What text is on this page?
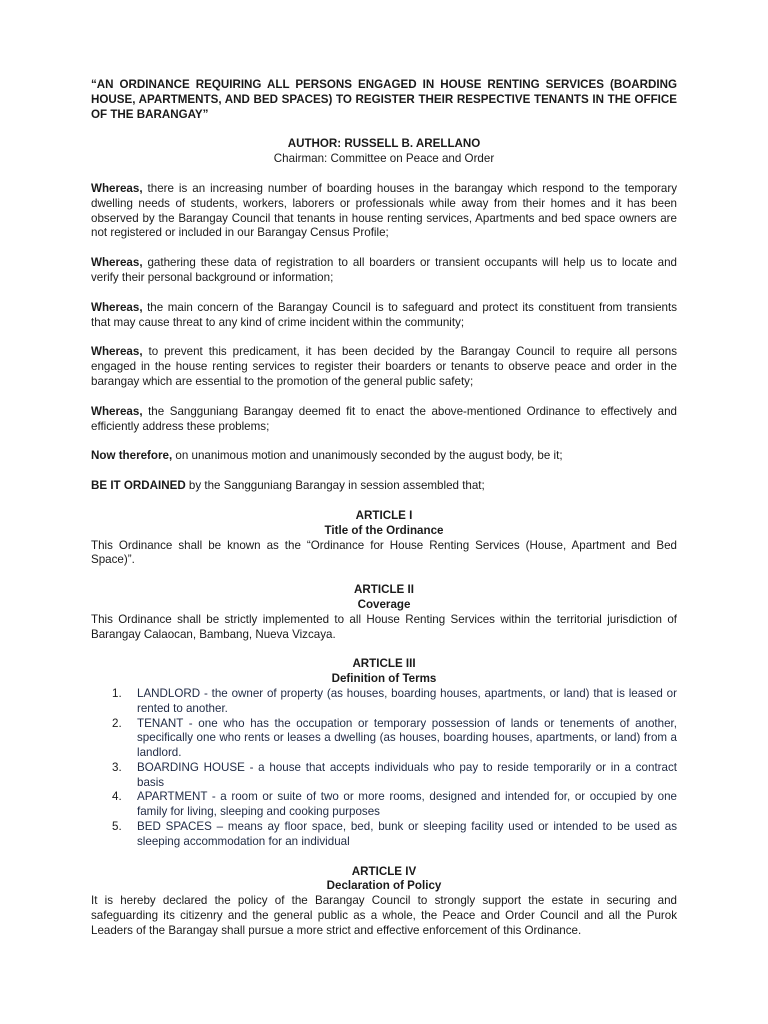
“AN ORDINANCE REQUIRING ALL PERSONS ENGAGED IN HOUSE RENTING SERVICES (BOARDING HOUSE, APARTMENTS, AND BED SPACES) TO REGISTER THEIR RESPECTIVE TENANTS IN THE OFFICE OF THE BARANGAY”

AUTHOR: RUSSELL B. ARELLANO

Chairman: Committee on Peace and Order

Whereas, there is an increasing number of boarding houses in the barangay which respond to the temporary dwelling needs of students, workers, laborers or professionals while away from their homes and it has been observed by the Barangay Council that tenants in house renting services, Apartments and bed space owners are not registered or included in our Barangay Census Profile;

Whereas, gathering these data of registration to all boarders or transient occupants will help us to locate and verify their personal background or information;

Whereas, the main concern of the Barangay Council is to safeguard and protect its constituent from transients that may cause threat to any kind of crime incident within the community;

Whereas, to prevent this predicament, it has been decided by the Barangay Council to require all persons engaged in the house renting services to register their boarders or tenants to observe peace and order in the barangay which are essential to the promotion of the general public safety;

Whereas, the Sangguniang Barangay deemed fit to enact the above-mentioned Ordinance to effectively and efficiently address these problems;

Now therefore, on unanimous motion and unanimously seconded by the august body, be it;

BE IT ORDAINED by the Sangguniang Barangay in session assembled that;

ARTICLE I

Title of the Ordinance

This Ordinance shall be known as the “Ordinance for House Renting Services (House, Apartment and Bed Space)”.

ARTICLE II

Coverage

This Ordinance shall be strictly implemented to all House Renting Services within the territorial jurisdiction of Barangay Calaocan, Bambang, Nueva Vizcaya.

ARTICLE III

Definition of Terms

1. LANDLORD - the owner of property (as houses, boarding houses, apartments, or land) that is leased or rented to another.
2. TENANT - one who has the occupation or temporary possession of lands or tenements of another, specifically one who rents or leases a dwelling (as houses, boarding houses, apartments, or land) from a landlord.
3. BOARDING HOUSE - a house that accepts individuals who pay to reside temporarily or in a contract basis
4. APARTMENT - a room or suite of two or more rooms, designed and intended for, or occupied by one family for living, sleeping and cooking purposes
5. BED SPACES – means ay floor space, bed, bunk or sleeping facility used or intended to be used as sleeping accommodation for an individual

ARTICLE IV

Declaration of Policy

It is hereby declared the policy of the Barangay Council to strongly support the estate in securing and safeguarding its citizenry and the general public as a whole, the Peace and Order Council and all the Purok Leaders of the Barangay shall pursue a more strict and effective enforcement of this Ordinance.
